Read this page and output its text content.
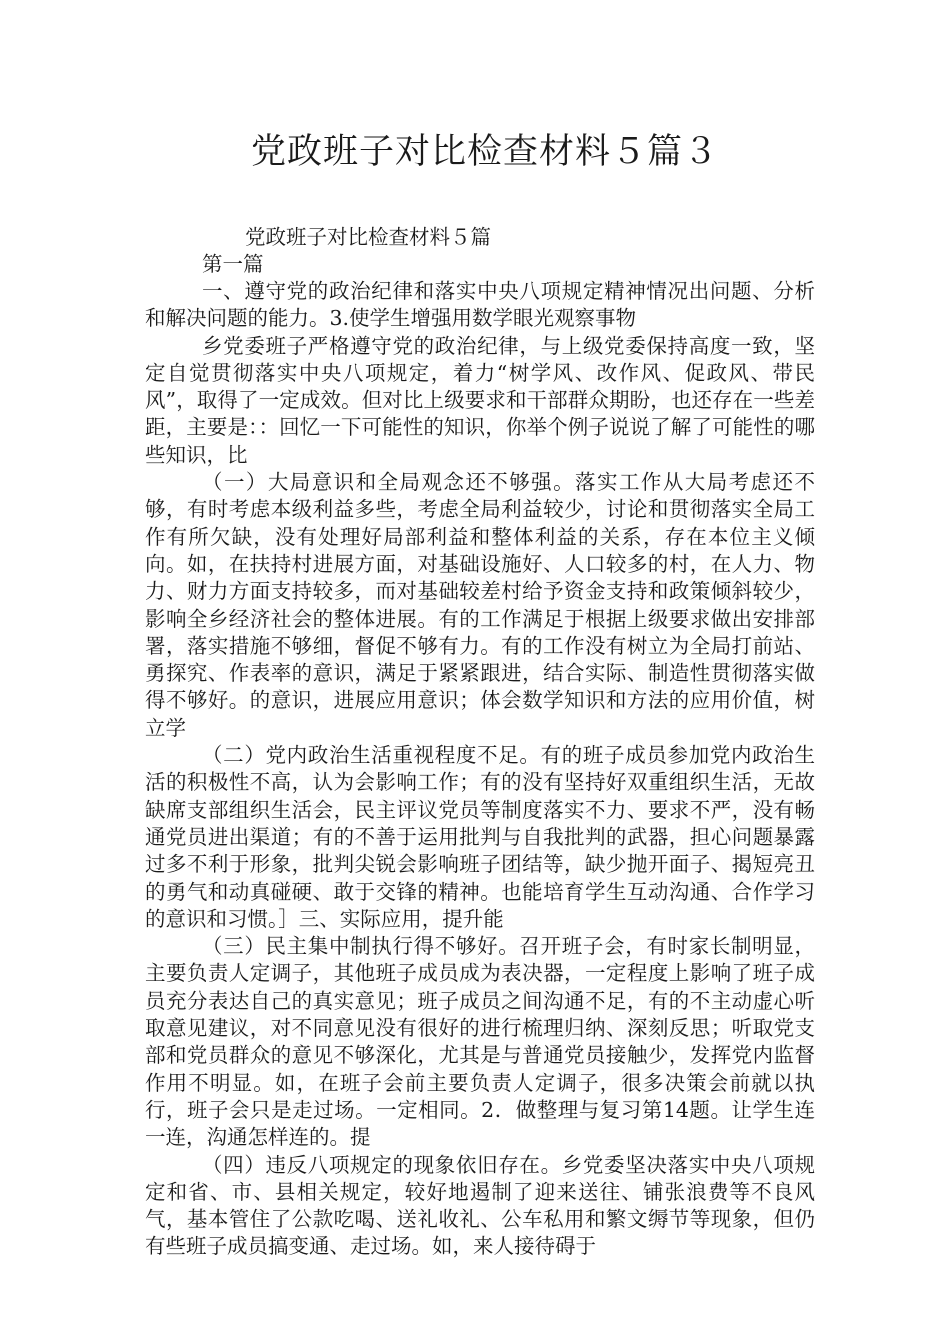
党政班子对比检查材料５篇３

党政班子对比检查材料５篇

第一篇

一、遵守党的政治纪律和落实中央八项规定精神情况出问题、分析和解决问题的能力。3.使学生增强用数学眼光观察事物

乡党委班子严格遵守党的政治纪律，与上级党委保持高度一致，坚定自觉贯彻落实中央八项规定，着力“树学风、改作风、促政风、带民风”，取得了一定成效。但对比上级要求和干部群众期盼，也还存在一些差距，主要是：：回忆一下可能性的知识，你举个例子说说了解了可能性的哪些知识，比

（一）大局意识和全局观念还不够强。落实工作从大局考虑还不够，有时考虑本级利益多些，考虑全局利益较少，讨论和贯彻落实全局工作有所欠缺，没有处理好局部利益和整体利益的关系，存在本位主义倾向。如，在扶持村进展方面，对基础设施好、人口较多的村，在人力、物力、财力方面支持较多，而对基础较差村给予资金支持和政策倾斜较少，影响全乡经济社会的整体进展。有的工作满足于根据上级要求做出安排部署，落实措施不够细，督促不够有力。有的工作没有树立为全局打前站、勇探究、作表率的意识，满足于紧紧跟进，结合实际、制造性贯彻落实做得不够好。的意识，进展应用意识；体会数学知识和方法的应用价值，树立学

（二）党内政治生活重视程度不足。有的班子成员参加党内政治生活的积极性不高，认为会影响工作；有的没有坚持好双重组织生活，无故缺席支部组织生活会，民主评议党员等制度落实不力、要求不严，没有畅通党员进出渠道；有的不善于运用批判与自我批判的武器，担心问题暴露过多不利于形象，批判尖锐会影响班子团结等，缺少抛开面子、揭短亮丑的勇气和动真碰硬、敢于交锋的精神。也能培育学生互动沟通、合作学习的意识和习惯。］三、实际应用，提升能

（三）民主集中制执行得不够好。召开班子会，有时家长制明显，主要负责人定调子，其他班子成员成为表决器，一定程度上影响了班子成员充分表达自己的真实意见；班子成员之间沟通不足，有的不主动虚心听取意见建议，对不同意见没有很好的进行梳理归纳、深刻反思；听取党支部和党员群众的意见不够深化，尤其是与普通党员接触少，发挥党内监督作用不明显。如，在班子会前主要负责人定调子，很多决策会前就以执行，班子会只是走过场。一定相同。2．做整理与复习第14题。让学生连一连，沟通怎样连的。提

（四）违反八项规定的现象依旧存在。乡党委坚决落实中央八项规定和省、市、县相关规定，较好地遏制了迎来送往、铺张浪费等不良风气，基本管住了公款吃喝、送礼收礼、公车私用和繁文缛节等现象，但仍有些班子成员搞变通、走过场。如，来人接待碍于
